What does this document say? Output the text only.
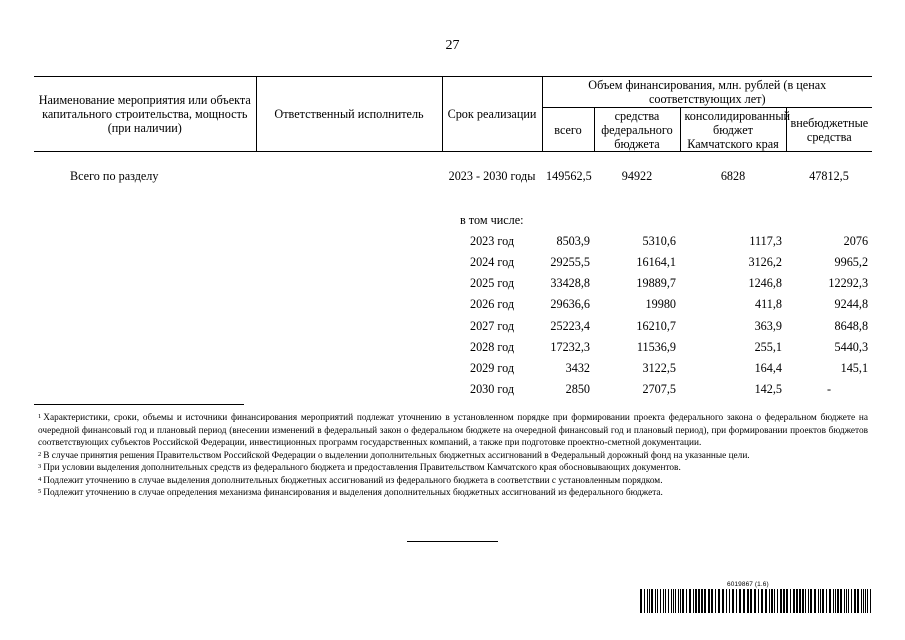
27
Наименование мероприятия или объекта капитального строительства, мощность (при наличии)	Ответственный исполнитель	Срок реализации	Объем финансирования, млн. рублей (в ценах соответствующих лет)			
			всего	средства федерального бюджета	консолидированный бюджет Камчатского края	внебюджетные средства
Всего по разделу		2023 - 2030 годы	149562,5	94922	6828	47812,5
		в том числе:				
		2023 год	8503,9	5310,6	1117,3	2076
		2024 год	29255,5	16164,1	3126,2	9965,2
		2025 год	33428,8	19889,7	1246,8	12292,3
		2026 год	29636,6	19980	411,8	9244,8
		2027 год	25223,4	16210,7	363,9	8648,8
		2028 год	17232,3	11536,9	255,1	5440,3
		2029 год	3432	3122,5	164,4	145,1
		2030 год	2850	2707,5	142,5	-

$^1$ Характеристики, сроки, объемы и источники финансирования мероприятий подлежат уточнению в установленном порядке при формировании проекта федерального закона о федеральном бюджете на очередной финансовый год и плановый период (внесении изменений в федеральный закон о федеральном бюджете на очередной финансовый год и плановый период), при формировании проектов бюджетов соответствующих субъектов Российской Федерации, инвестиционных программ государственных компаний, а также при подготовке проектно-сметной документации.

$^2$ В случае принятия решения Правительством Российской Федерации о выделении дополнительных бюджетных ассигнований в Федеральный дорожный фонд на указанные цели.

$^3$ При условии выделения дополнительных средств из федерального бюджета и предоставления Правительством Камчатского края обосновывающих документов.

$^4$ Подлежит уточнению в случае выделения дополнительных бюджетных ассигнований из федерального бюджета в соответствии с установленным порядком.

$^5$ Подлежит уточнению в случае определения механизма финансирования и выделения дополнительных бюджетных ассигнований из федерального бюджета.

6019867 (1.6)
